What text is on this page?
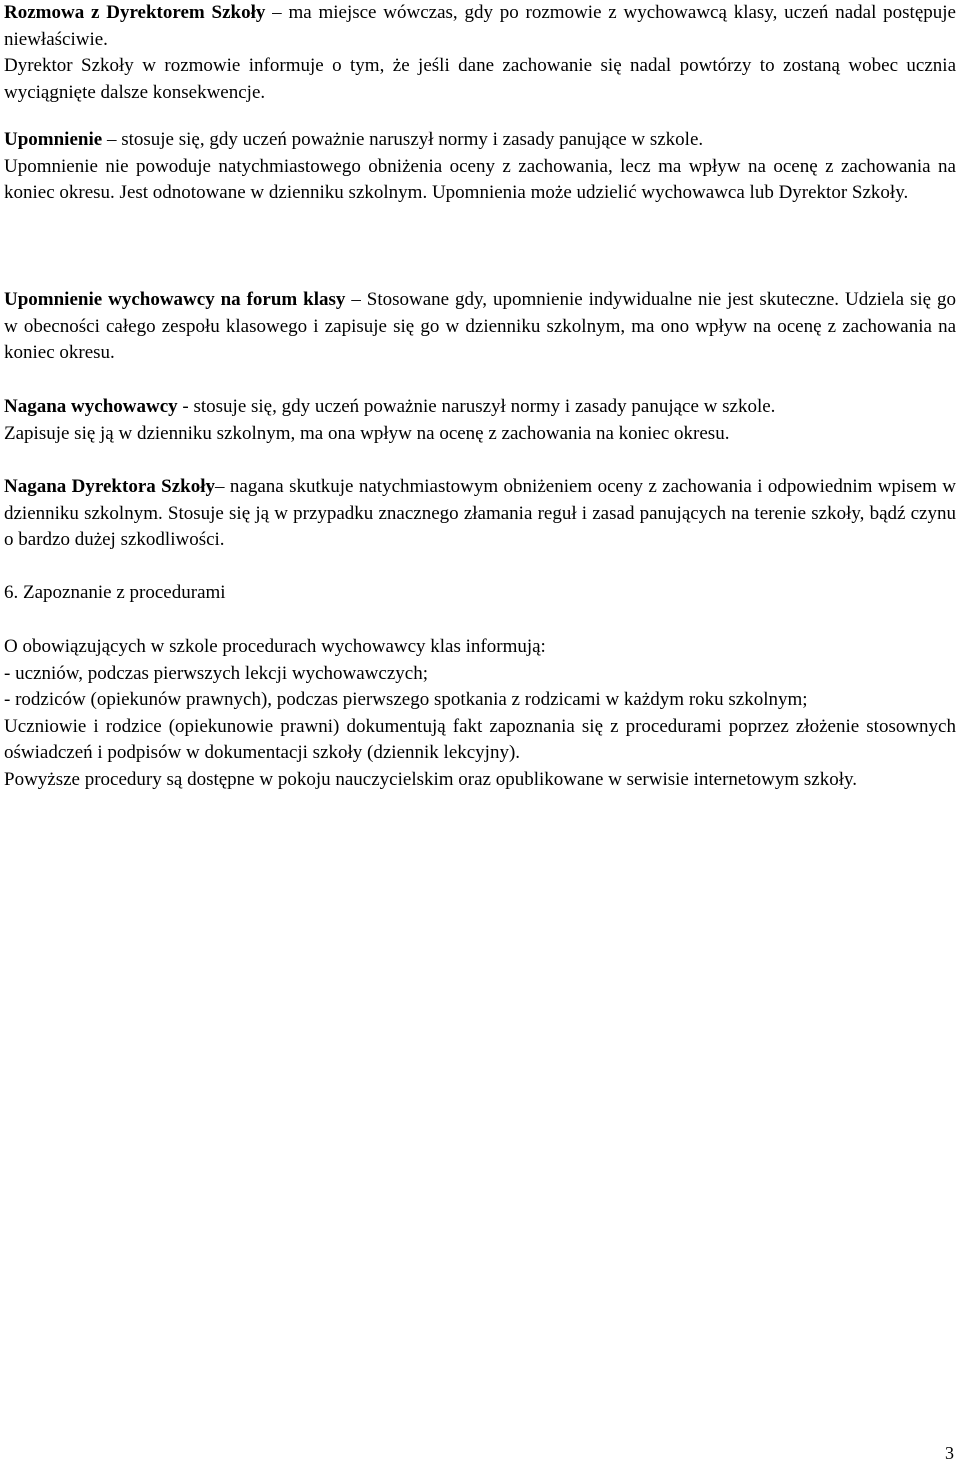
Rozmowa z Dyrektorem Szkoły – ma miejsce wówczas, gdy po rozmowie z wychowawcą klasy, uczeń nadal postępuje niewłaściwie.

Dyrektor Szkoły w rozmowie informuje o tym, że jeśli dane zachowanie się nadal powtórzy to zostaną wobec ucznia wyciągnięte dalsze konsekwencje.

Upomnienie – stosuje się, gdy uczeń poważnie naruszył normy i zasady panujące w szkole.

Upomnienie nie powoduje natychmiastowego obniżenia oceny z zachowania, lecz ma wpływ na ocenę z zachowania na koniec okresu. Jest odnotowane w dzienniku szkolnym. Upomnienia może udzielić wychowawca lub Dyrektor Szkoły.

Upomnienie wychowawcy na forum klasy – Stosowane gdy, upomnienie indywidualne nie jest skuteczne. Udziela się go w obecności całego zespołu klasowego i zapisuje się go w dzienniku szkolnym, ma ono wpływ na ocenę z zachowania na koniec okresu.

Nagana wychowawcy - stosuje się, gdy uczeń poważnie naruszył normy i zasady panujące w szkole.

Zapisuje się ją w dzienniku szkolnym, ma ona wpływ na ocenę z zachowania na koniec okresu.

Nagana Dyrektora Szkoły– nagana skutkuje natychmiastowym obniżeniem oceny z zachowania i odpowiednim wpisem w dzienniku szkolnym. Stosuje się ją w przypadku znacznego złamania reguł i zasad panujących na terenie szkoły, bądź czynu o bardzo dużej szkodliwości.

6. Zapoznanie z procedurami

O obowiązujących w szkole procedurach wychowawcy klas informują:

- uczniów, podczas pierwszych lekcji wychowawczych;

- rodziców (opiekunów prawnych), podczas pierwszego spotkania z rodzicami w każdym roku szkolnym;

Uczniowie i rodzice (opiekunowie prawni) dokumentują fakt zapoznania się z procedurami poprzez złożenie stosownych oświadczeń i podpisów w dokumentacji szkoły (dziennik lekcyjny).

Powyższe procedury są dostępne w pokoju nauczycielskim oraz opublikowane w serwisie internetowym szkoły.

3
